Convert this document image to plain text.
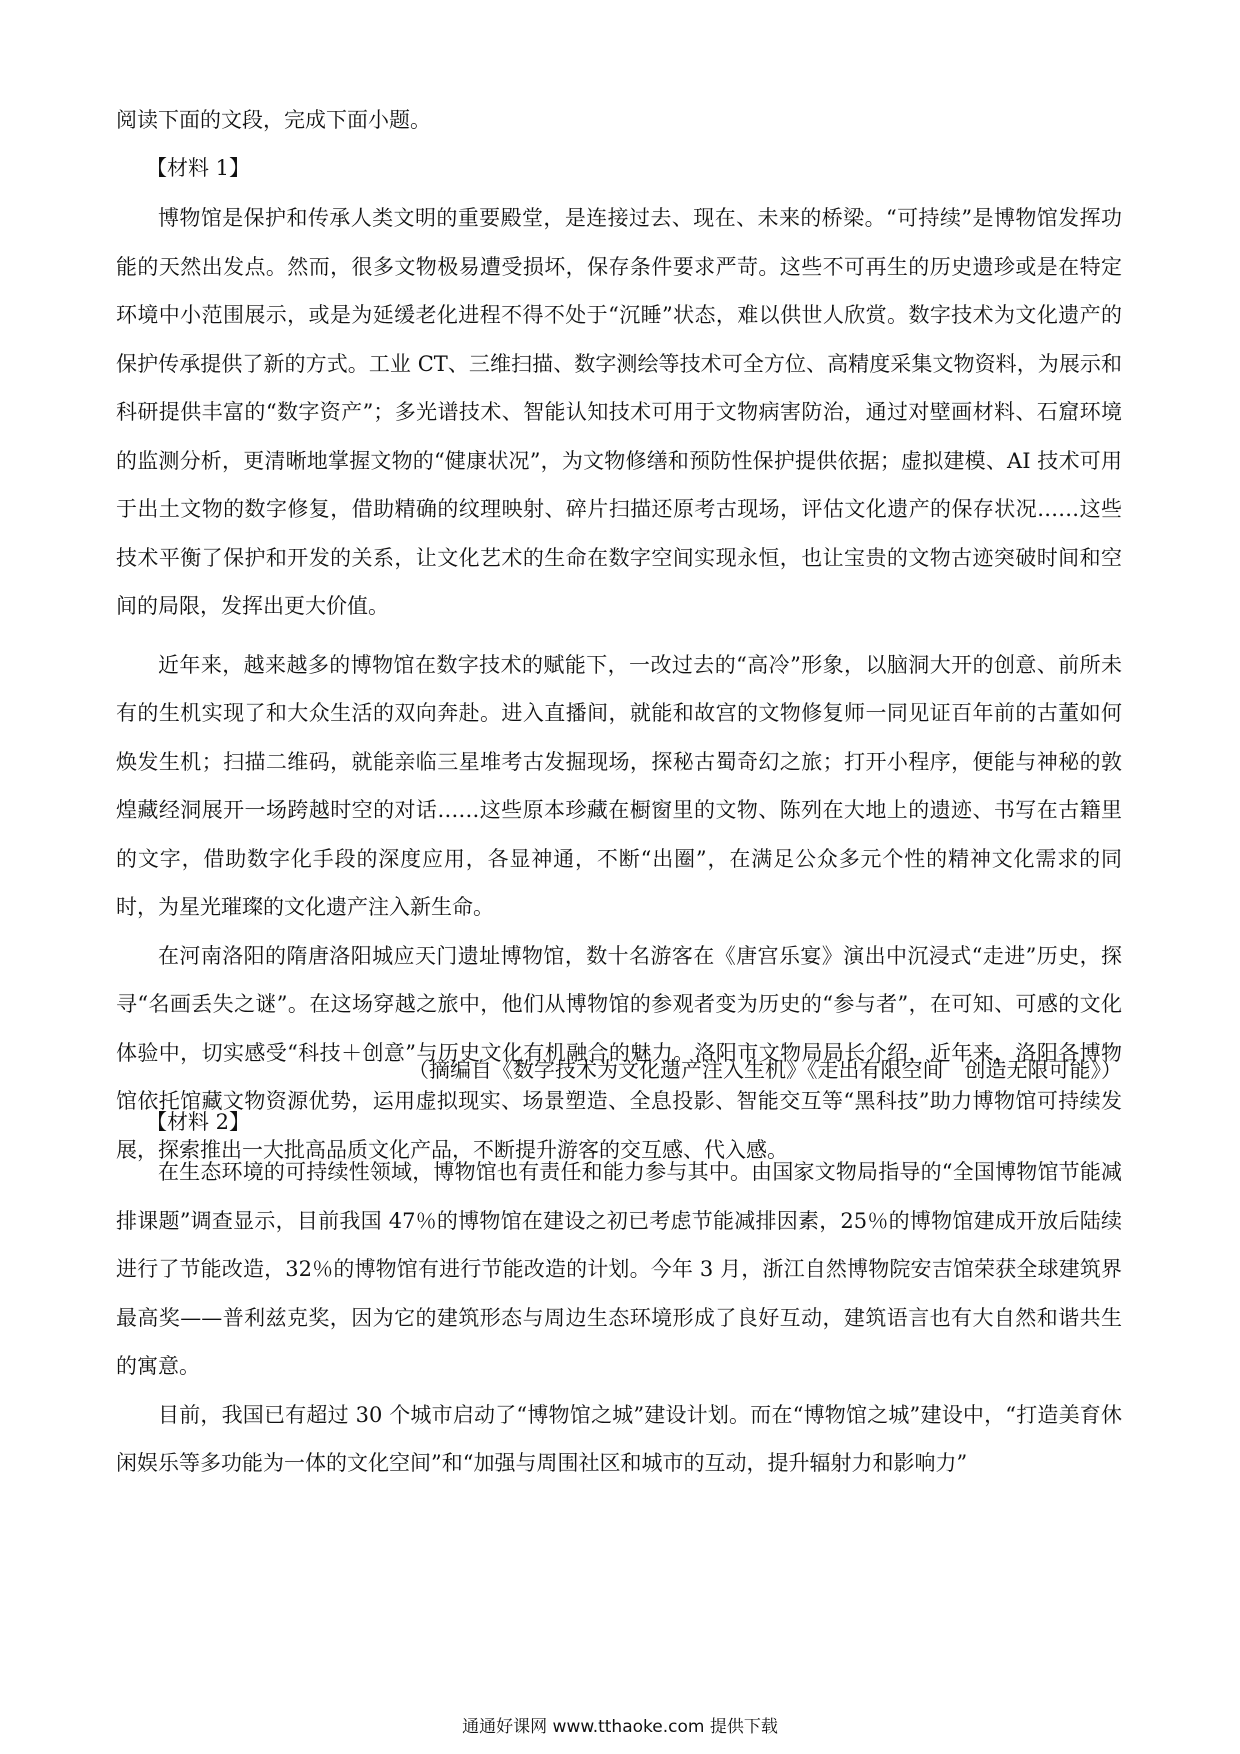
阅读下面的文段，完成下面小题。
【材料 1】

博物馆是保护和传承人类文明的重要殿堂，是连接过去、现在、未来的桥梁。“可持续”是博物馆发挥功能的天然出发点。然而，很多文物极易遭受损坏，保存条件要求严苛。这些不可再生的历史遗珍或是在特定环境中小范围展示，或是为延缓老化进程不得不处于“沉睡”状态，难以供世人欣赏。数字技术为文化遗产的保护传承提供了新的方式。工业 CT、三维扫描、数字测绘等技术可全方位、高精度采集文物资料，为展示和科研提供丰富的“数字资产”；多光谱技术、智能认知技术可用于文物病害防治，通过对壁画材料、石窟环境的监测分析，更清晰地掌握文物的“健康状况”，为文物修缮和预防性保护提供依据；虚拟建模、AI 技术可用于出土文物的数字修复，借助精确的纹理映射、碎片扫描还原考古现场，评估文化遗产的保存状况……这些技术平衡了保护和开发的关系，让文化艺术的生命在数字空间实现永恒，也让宝贵的文物古迹突破时间和空间的局限，发挥出更大价值。

近年来，越来越多的博物馆在数字技术的赋能下，一改过去的“高冷”形象，以脑洞大开的创意、前所未有的生机实现了和大众生活的双向奔赴。进入直播间，就能和故宫的文物修复师一同见证百年前的古董如何焕发生机；扫描二维码，就能亲临三星堆考古发掘现场，探秘古蜀奇幻之旅；打开小程序，便能与神秘的敦煌藏经洞展开一场跨越时空的对话……这些原本珍藏在橱窗里的文物、陈列在大地上的遗迹、书写在古籍里的文字，借助数字化手段的深度应用，各显神通，不断“出圈”，在满足公众多元个性的精神文化需求的同时，为星光璀璨的文化遗产注入新生命。

在河南洛阳的隋唐洛阳城应天门遗址博物馆，数十名游客在《唐宫乐宴》演出中沉浸式“走进”历史，探寻“名画丢失之谜”。在这场穿越之旅中，他们从博物馆的参观者变为历史的“参与者”，在可知、可感的文化体验中，切实感受“科技＋创意”与历史文化有机融合的魅力。洛阳市文物局局长介绍，近年来，洛阳各博物馆依托馆藏文物资源优势，运用虚拟现实、场景塑造、全息投影、智能交互等“黑科技”助力博物馆可持续发展，探索推出一大批高品质文化产品，不断提升游客的交互感、代入感。

（摘编自《数字技术为文化遗产注入生机》《走出有限空间　创造无限可能》）
【材料 2】

在生态环境的可持续性领域，博物馆也有责任和能力参与其中。由国家文物局指导的“全国博物馆节能减排课题”调查显示，目前我国 47％的博物馆在建设之初已考虑节能减排因素，25％的博物馆建成开放后陆续进行了节能改造，32％的博物馆有进行节能改造的计划。今年 3 月，浙江自然博物院安吉馆荣获全球建筑界最高奖——普利兹克奖，因为它的建筑形态与周边生态环境形成了良好互动，建筑语言也有大自然和谐共生的寓意。

目前，我国已有超过 30 个城市启动了“博物馆之城”建设计划。而在“博物馆之城”建设中，“打造美育休闲娱乐等多功能为一体的文化空间”和“加强与周围社区和城市的互动，提升辐射力和影响力”

通通好课网 www.tthaoke.com 提供下载
